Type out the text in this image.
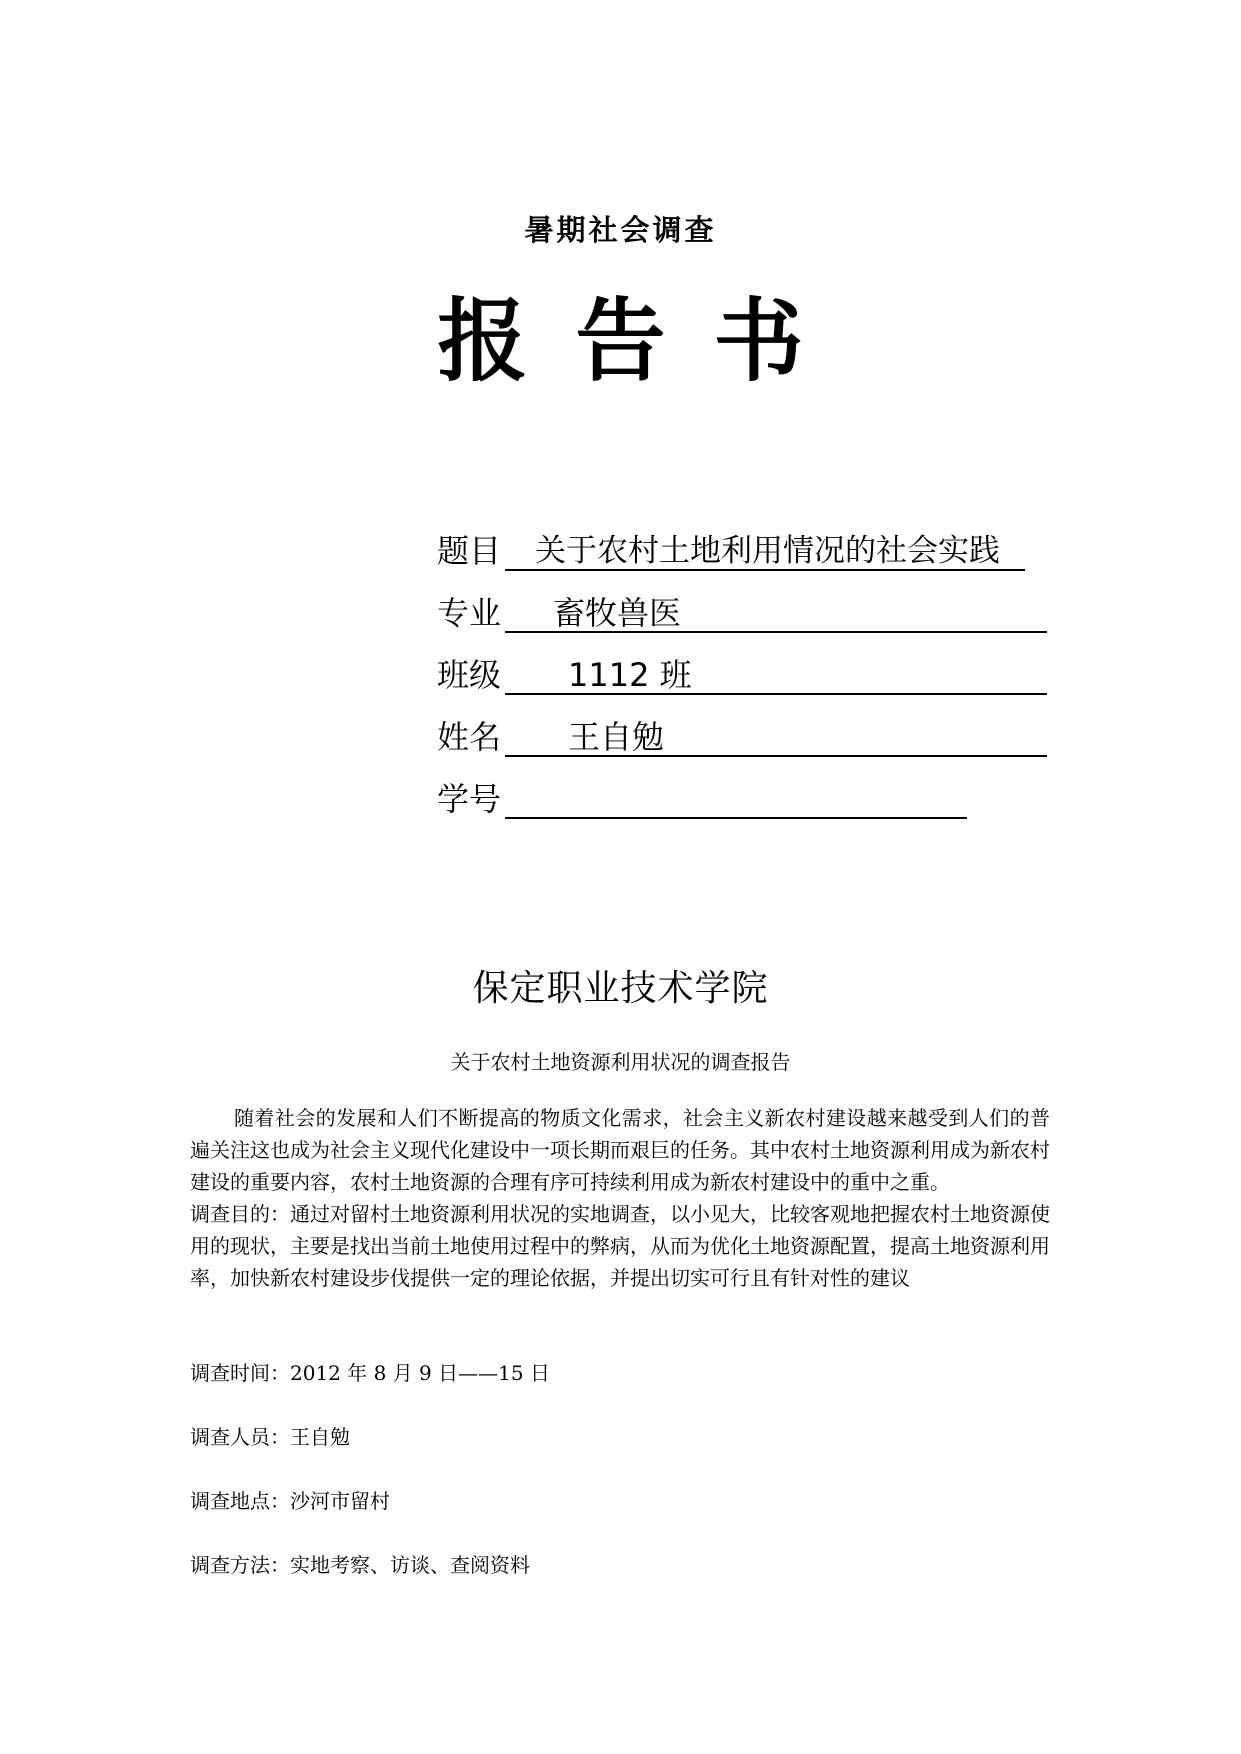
暑期社会调查
报 告 书
题目	关于农村土地利用情况的社会实践
专业	畜牧兽医
班级	1112 班
姓名	王自勉
学号
保定职业技术学院
关于农村土地资源利用状况的调查报告

随着社会的发展和人们不断提高的物质文化需求，社会主义新农村建设越来越受到人们的普遍关注这也成为社会主义现代化建设中一项长期而艰巨的任务。其中农村土地资源利用成为新农村建设的重要内容，农村土地资源的合理有序可持续利用成为新农村建设中的重中之重。

调查目的：通过对留村土地资源利用状况的实地调查，以小见大，比较客观地把握农村土地资源使用的现状，主要是找出当前土地使用过程中的弊病，从而为优化土地资源配置，提高土地资源利用率，加快新农村建设步伐提供一定的理论依据，并提出切实可行且有针对性的建议

调查时间：2012 年 8 月 9 日——15 日
调查人员：王自勉
调查地点：沙河市留村
调查方法：实地考察、访谈、查阅资料
